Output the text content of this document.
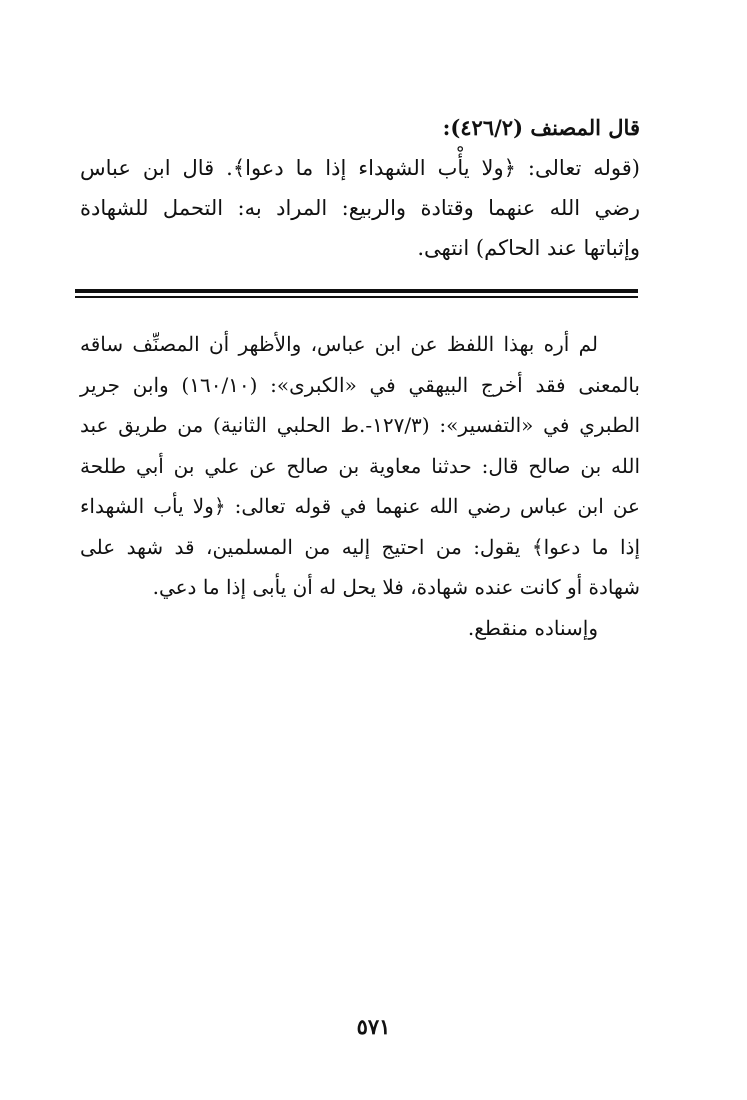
قال المصنف (٤٢٦/٢):
(قوله تعالى: ﴿ولا يأْب الشهداء إذا ما دعوا﴾. قال ابن عباس
رضي الله عنهما وقتادة والربيع: المراد به: التحمل للشهادة
وإثباتها عند الحاكم) انتهى.
لم أره بهذا اللفظ عن ابن عباس، والأظهر أن المصنِّف ساقه
بالمعنى فقد أخرج البيهقي في «الكبرى»: (١٦٠/١٠) وابن جرير
الطبري في «التفسير»: (١٢٧/٣-.ط الحلبي الثانية) من طريق عبد
الله بن صالح قال: حدثنا معاوية بن صالح عن علي بن أبي طلحة
عن ابن عباس رضي الله عنهما في قوله تعالى: ﴿ولا يأب الشهداء
إذا ما دعوا﴾ يقول: من احتيج إليه من المسلمين، قد شهد على
شهادة أو كانت عنده شهادة، فلا يحل له أن يأبى إذا ما دعي.
وإسناده منقطع.
٥٧١
